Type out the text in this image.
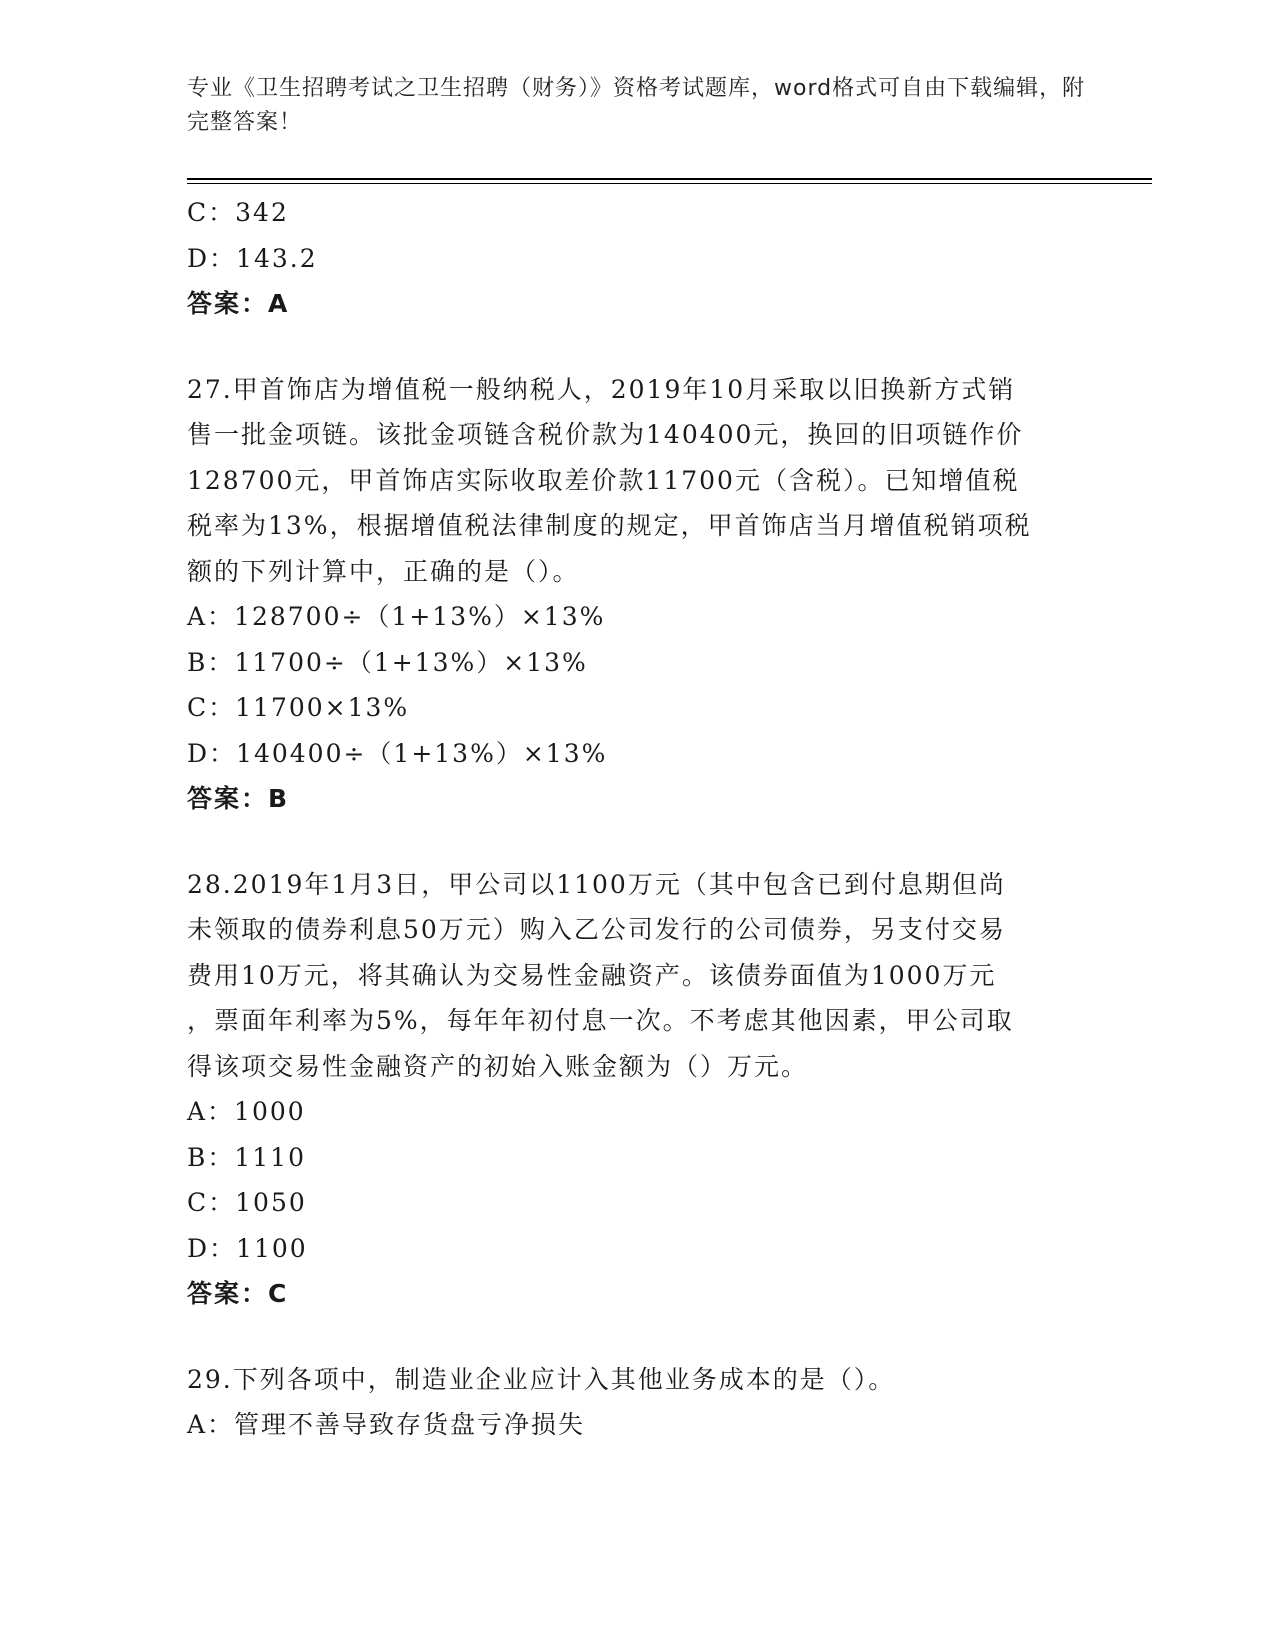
专业《卫生招聘考试之卫生招聘（财务）》资格考试题库，word格式可自由下载编辑，附完整答案！
C：342
D：143.2
答案：A
27.甲首饰店为增值税一般纳税人，2019年10月采取以旧换新方式销
售一批金项链。该批金项链含税价款为140400元，换回的旧项链作价
128700元，甲首饰店实际收取差价款11700元（含税）。已知增值税
税率为13%，根据增值税法律制度的规定，甲首饰店当月增值税销项税
额的下列计算中，正确的是（）。
A：128700÷（1+13%）×13%
B：11700÷（1+13%）×13%
C：11700×13%
D：140400÷（1+13%）×13%
答案：B
28.2019年1月3日，甲公司以1100万元（其中包含已到付息期但尚
未领取的债券利息50万元）购入乙公司发行的公司债券，另支付交易
费用10万元，将其确认为交易性金融资产。该债券面值为1000万元
，票面年利率为5%，每年年初付息一次。不考虑其他因素，甲公司取
得该项交易性金融资产的初始入账金额为（）万元。
A：1000
B：1110
C：1050
D：1100
答案：C
29.下列各项中，制造业企业应计入其他业务成本的是（）。
A：管理不善导致存货盘亏净损失
